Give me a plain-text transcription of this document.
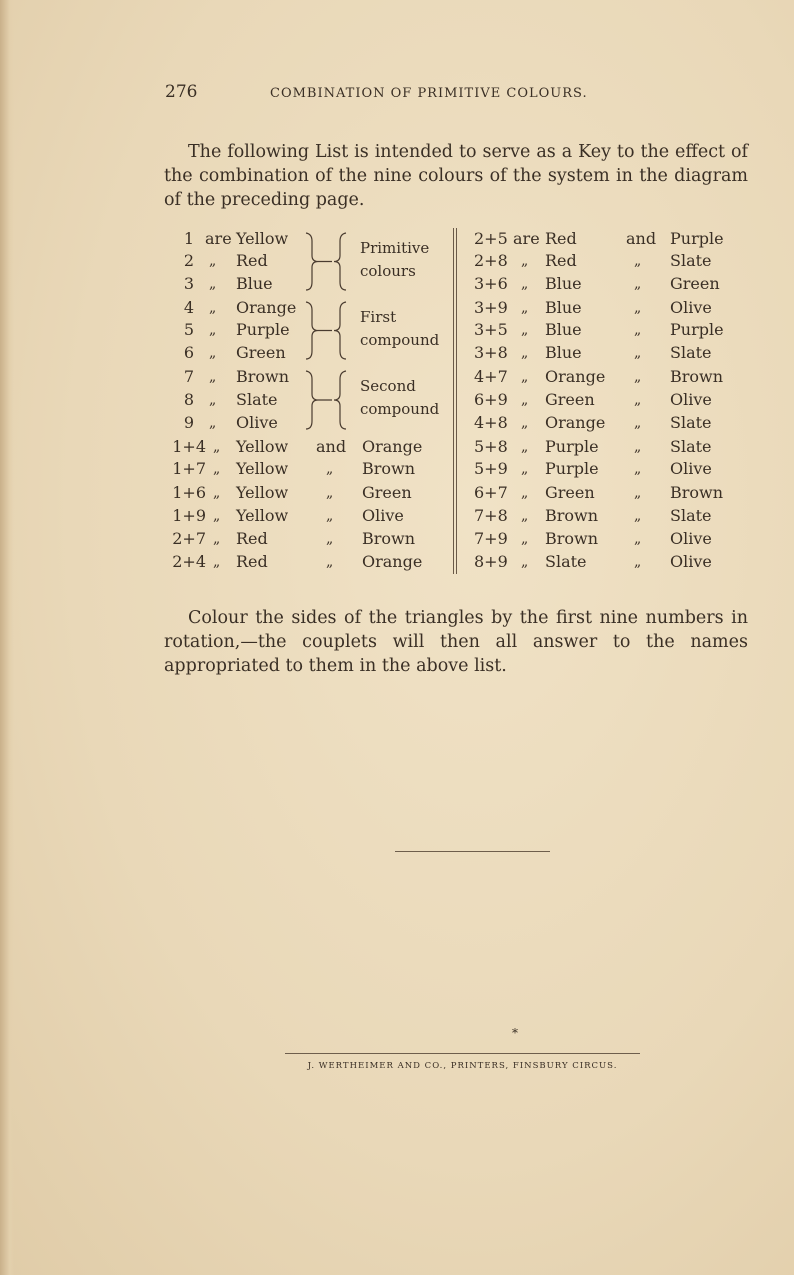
276	COMBINATION OF PRIMITIVE COLOURS.

The following List is intended to serve as a Key to the effect of the combination of the nine colours of the system in the diagram of the preceding page.

1 are Yellow
2 „ Red
3 „ Blue
4 „ Orange
5 „ Purple
6 „ Green
7 „ Brown
8 „ Slate
9 „ Olive
Primitive
colours
First
compound
Second
compound
1+4 „ Yellow and Orange
1+7 „ Yellow	„ Brown
1+6 „ Yellow	„ Green
1+9 „ Yellow	„ Olive
2+7 „ Red	„ Brown
2+4 „ Red	„ Orange
2+5 are Red	and Purple
2+8 „ Red	„ Slate
3+6 „ Blue	„ Green
3+9 „ Blue	„ Olive
3+5 „ Blue	„ Purple
3+8 „ Blue	„ Slate
4+7 „ Orange „ Brown
6+9 „ Green	„ Olive
4+8 „ Orange „ Slate
5+8 „ Purple	„ Slate
5+9 „ Purple	„ Olive
6+7 „ Green	„ Brown
7+8 „ Brown	„ Slate
7+9 „ Brown	„ Olive
8+9 „ Slate	„ Olive

Colour the sides of the triangles by the first nine numbers in rotation,—the couplets will then all answer to the names appropriated to them in the above list.

*
J. WERTHEIMER AND CO., PRINTERS, FINSBURY CIRCUS.
